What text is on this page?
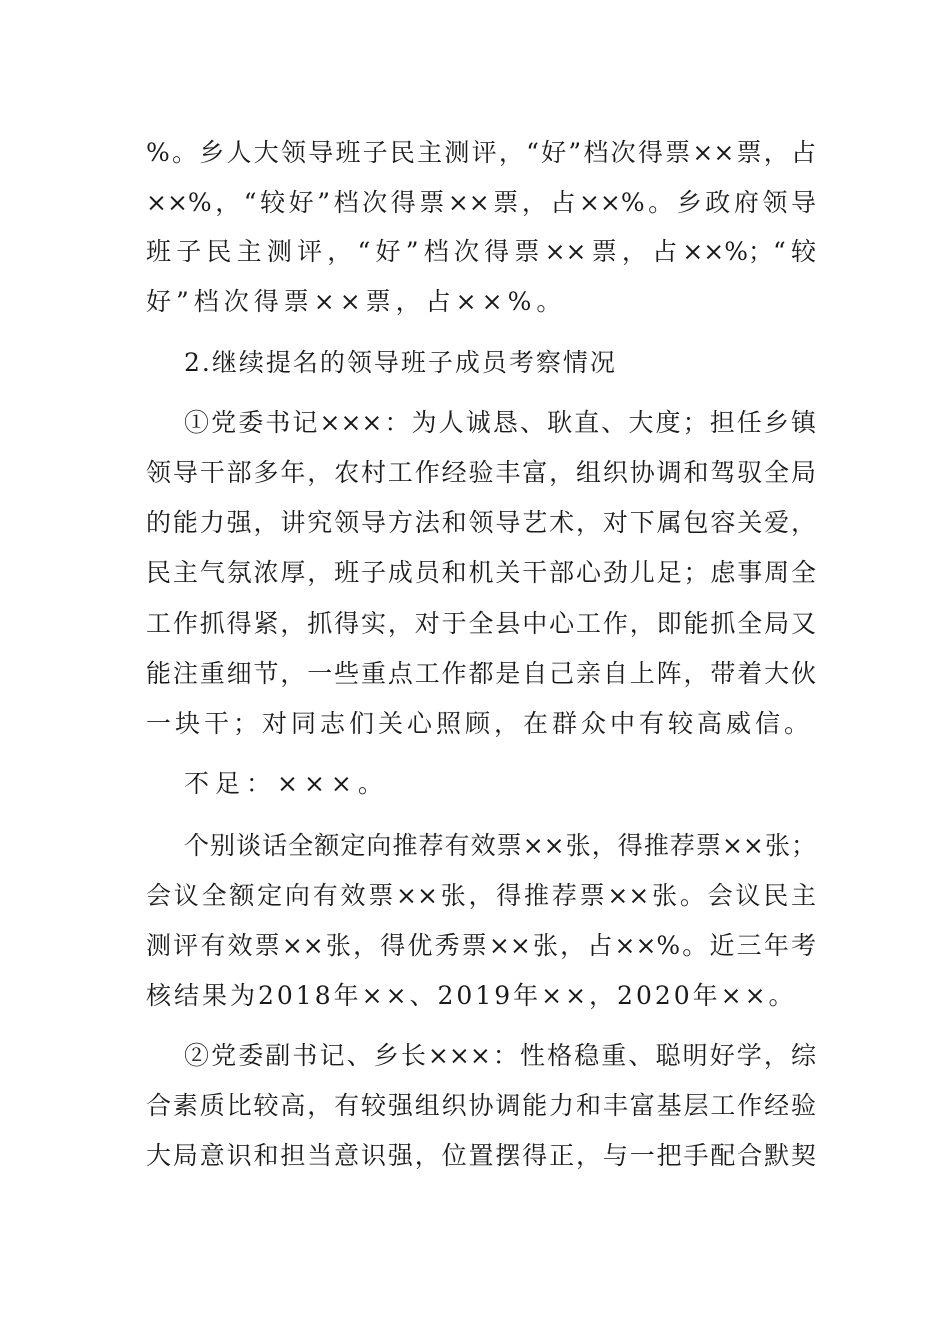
%。乡人大领导班子民主测评，“好”档次得票××票，占
××%，“较好”档次得票××票，占××%。乡政府领导
班子民主测评，“好”档次得票××票，占××%；“较
好”档次得票××票，占××%。
2.继续提名的领导班子成员考察情况
①党委书记×××：为人诚恳、耿直、大度；担任乡镇
领导干部多年，农村工作经验丰富，组织协调和驾驭全局
的能力强，讲究领导方法和领导艺术，对下属包容关爱，
民主气氛浓厚，班子成员和机关干部心劲儿足；虑事周全
工作抓得紧，抓得实，对于全县中心工作，即能抓全局又
能注重细节，一些重点工作都是自己亲自上阵，带着大伙
一块干；对同志们关心照顾，在群众中有较高威信。
不足：×××。
个别谈话全额定向推荐有效票××张，得推荐票××张；
会议全额定向有效票××张，得推荐票××张。会议民主
测评有效票××张，得优秀票××张，占××%。近三年考
核结果为2018年××、2019年××，2020年××。
②党委副书记、乡长×××：性格稳重、聪明好学，综
合素质比较高，有较强组织协调能力和丰富基层工作经验
大局意识和担当意识强，位置摆得正，与一把手配合默契
